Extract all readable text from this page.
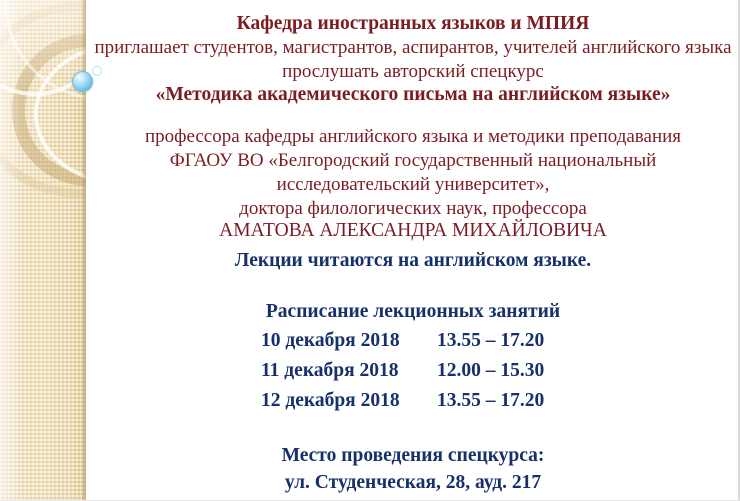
Кафедра иностранных языков и МПИЯ
приглашает студентов, магистрантов, аспирантов, учителей английского языка
прослушать авторский спецкурс
«Методика академического письма на английском языке»
профессора кафедры английского языка и методики преподавания
ФГАОУ ВО «Белгородский государственный национальный
исследовательский университет»,
доктора филологических наук, профессора
АМАТОВА АЛЕКСАНДРА МИХАЙЛОВИЧА
Лекции читаются на английском языке.
Расписание лекционных занятий
10 декабря 2018 13.55 – 17.20
11 декабря 2018 12.00 – 15.30
12 декабря 2018 13.55 – 17.20
Место проведения спецкурса:
ул. Студенческая, 28, ауд. 217
